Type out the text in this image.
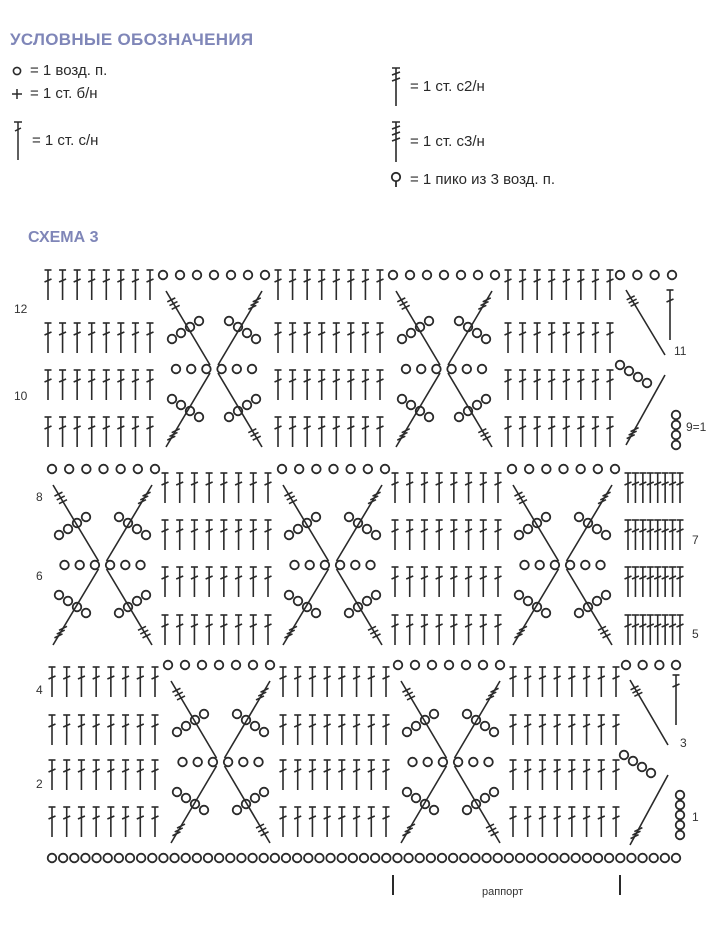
УСЛОВНЫЕ ОБОЗНАЧЕНИЯ
= 1 возд. п.
= 1 ст. б/н
= 1 ст. с/н
= 1 ст. с2/н
= 1 ст. с3/н
= 1 пико из 3 возд. п.
СХЕМА 3
12
10
8
6
4
2
11
9=1
7
5
3
1
раппорт
